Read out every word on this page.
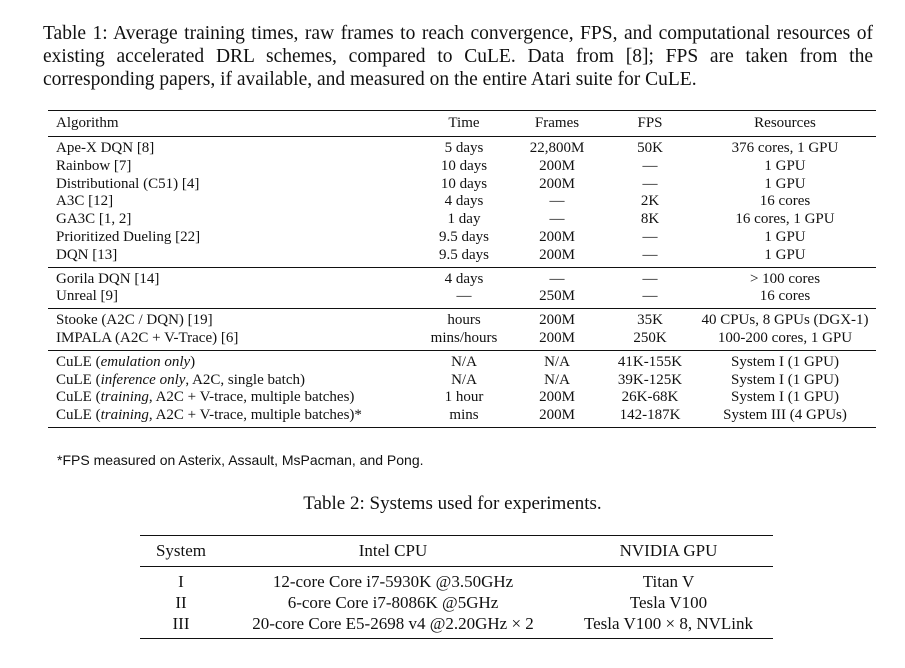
Table 1: Average training times, raw frames to reach convergence, FPS, and computational resources of existing accelerated DRL schemes, compared to CuLE. Data from [8]; FPS are taken from the corresponding papers, if available, and measured on the entire Atari suite for CuLE.
Algorithm	Time	Frames	FPS	Resources
Ape-X DQN [8]	5 days	22,800M	50K	376 cores, 1 GPU
Rainbow [7]	10 days	200M	—	1 GPU
Distributional (C51) [4]	10 days	200M	—	1 GPU
A3C [12]	4 days	—	2K	16 cores
GA3C [1, 2]	1 day	—	8K	16 cores, 1 GPU
Prioritized Dueling [22]	9.5 days	200M	—	1 GPU
DQN [13]	9.5 days	200M	—	1 GPU
Gorila DQN [14]	4 days	—	—	> 100 cores
Unreal [9]	—	250M	—	16 cores
Stooke (A2C / DQN) [19]	hours	200M	35K	40 CPUs, 8 GPUs (DGX-1)
IMPALA (A2C + V-Trace) [6]	mins/hours	200M	250K	100-200 cores, 1 GPU
CuLE (emulation only)	N/A	N/A	41K-155K	System I (1 GPU)
CuLE (inference only, A2C, single batch)	N/A	N/A	39K-125K	System I (1 GPU)
CuLE (training, A2C + V-trace, multiple batches)	1 hour	200M	26K-68K	System I (1 GPU)
CuLE (training, A2C + V-trace, multiple batches)*	mins	200M	142-187K	System III (4 GPUs)
*FPS measured on Asterix, Assault, MsPacman, and Pong.
Table 2: Systems used for experiments.
System	Intel CPU	NVIDIA GPU
I	12-core Core i7-5930K @3.50GHz	Titan V
II	6-core Core i7-8086K @5GHz	Tesla V100
III	20-core Core E5-2698 v4 @2.20GHz × 2	Tesla V100 × 8, NVLink
